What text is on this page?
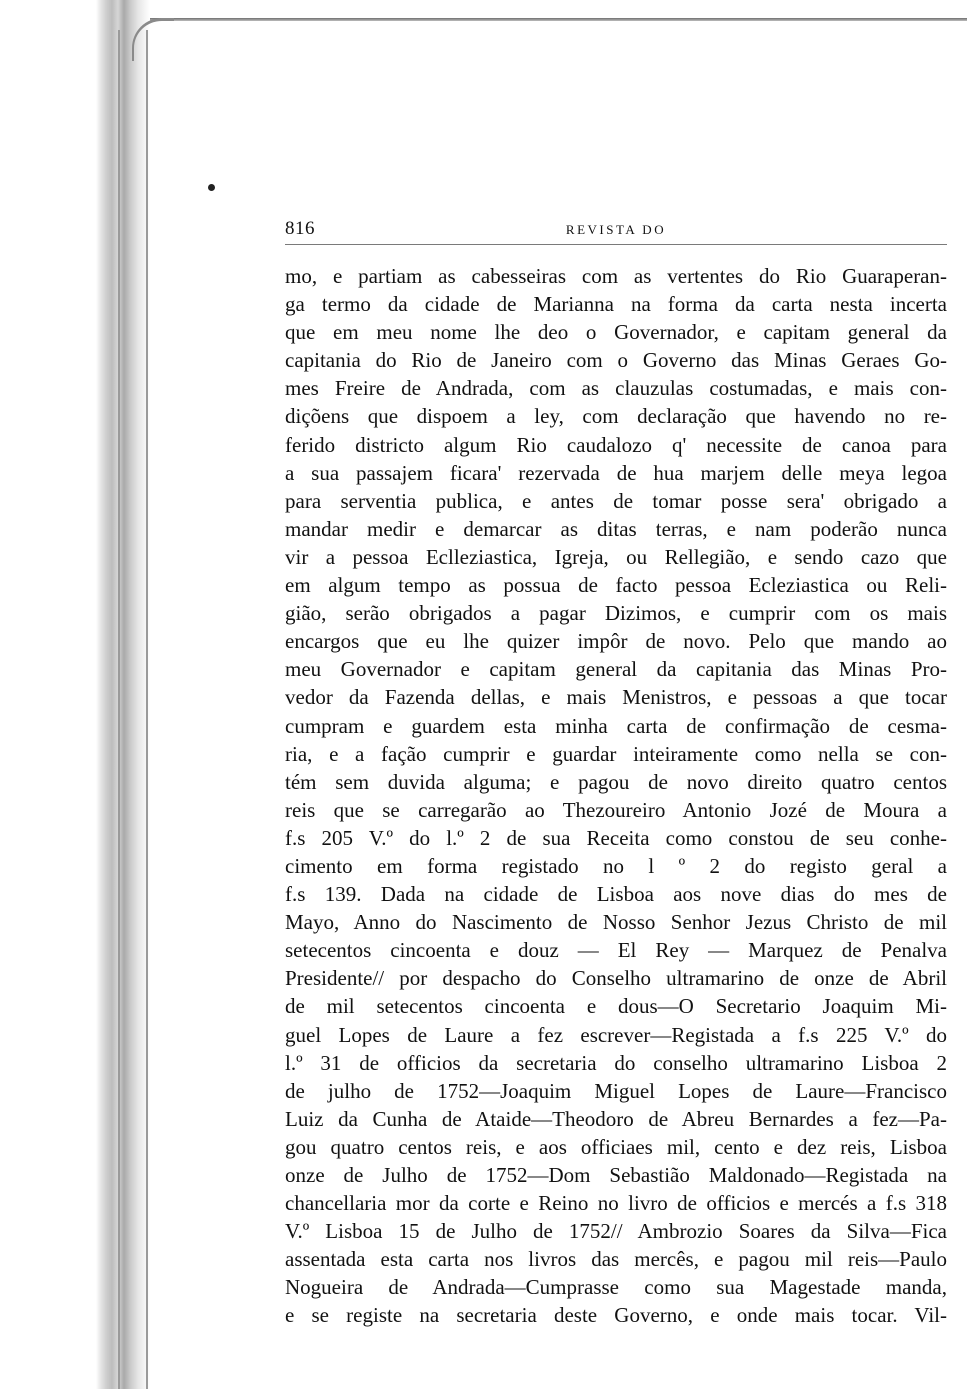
816	REVISTA DO
mo, e partiam as cabesseiras com as vertentes do Rio Guaraperan-
ga termo da cidade de Marianna na forma da carta nesta incerta
que em meu nome lhe deo o Governador, e capitam general da
capitania do Rio de Janeiro com o Governo das Minas Geraes Go-
mes Freire de Andrada, com as clauzulas costumadas, e mais con-
diçõens que dispoem a ley, com declaração que havendo no re-
ferido districto algum Rio caudalozo q' necessite de canoa para
a sua passajem ficara' rezervada de hua marjem delle meya legoa
para serventia publica, e antes de tomar posse sera' obrigado a
mandar medir e demarcar as ditas terras, e nam poderão nunca
vir a pessoa Eclleziastica, Igreja, ou Rellegião, e sendo cazo que
em algum tempo as possua de facto pessoa Ecleziastica ou Reli-
gião, serão obrigados a pagar Dizimos, e cumprir com os mais
encargos que eu lhe quizer impôr de novo. Pelo que mando ao
meu Governador e capitam general da capitania das Minas Pro-
vedor da Fazenda dellas, e mais Menistros, e pessoas a que tocar
cumpram e guardem esta minha carta de confirmação de cesma-
ria, e a fação cumprir e guardar inteiramente como nella se con-
tém sem duvida alguma; e pagou de novo direito quatro centos
reis que se carregarão ao Thezoureiro Antonio Jozé de Moura a
f.s 205 V.º do l.º 2 de sua Receita como constou de seu conhe-
cimento em forma registado no l º 2 do registo geral a
f.s 139. Dada na cidade de Lisboa aos nove dias do mes de
Mayo, Anno do Nascimento de Nosso Senhor Jezus Christo de mil
setecentos cincoenta e douz — El Rey — Marquez de Penalva
Presidente// por despacho do Conselho ultramarino de onze de Abril
de mil setecentos cincoenta e dous—O Secretario Joaquim Mi-
guel Lopes de Laure a fez escrever—Registada a f.s 225 V.º do
l.º 31 de officios da secretaria do conselho ultramarino Lisboa 2
de julho de 1752—Joaquim Miguel Lopes de Laure—Francisco
Luiz da Cunha de Ataide—Theodoro de Abreu Bernardes a fez—Pa-
gou quatro centos reis, e aos officiaes mil, cento e dez reis, Lisboa
onze de Julho de 1752—Dom Sebastião Maldonado—Registada na
chancellaria mor da corte e Reino no livro de officios e mercés a f.s 318
V.º Lisboa 15 de Julho de 1752// Ambrozio Soares da Silva—Fica
assentada esta carta nos livros das mercês, e pagou mil reis—Paulo
Nogueira de Andrada—Cumprasse como sua Magestade manda,
e se registe na secretaria deste Governo, e onde mais tocar. Vil-
